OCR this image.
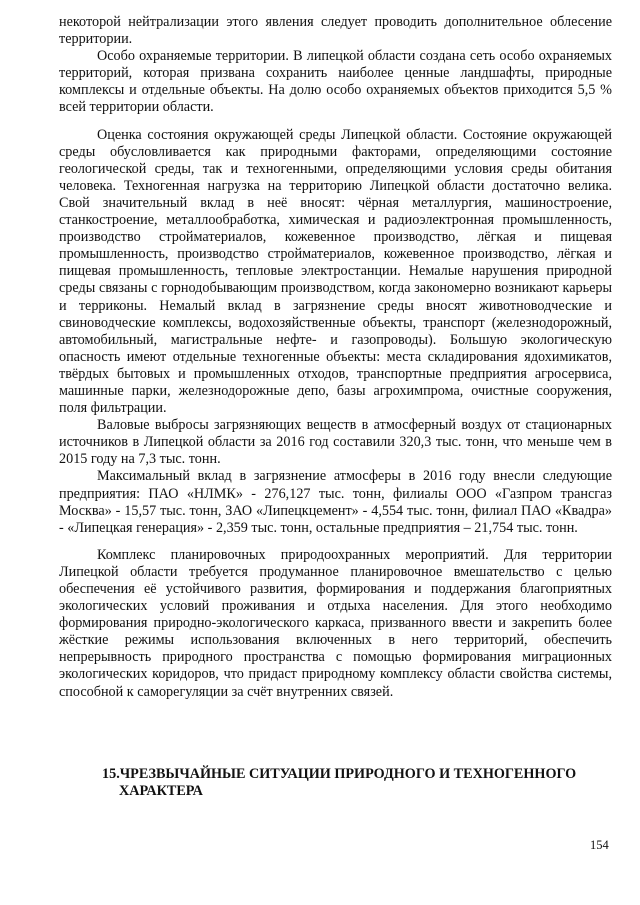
некоторой нейтрализации этого явления следует проводить дополнительное облесение территории.

Особо охраняемые территории. В липецкой области создана сеть особо охраняемых территорий, которая призвана сохранить наиболее ценные ландшафты, природные комплексы и отдельные объекты. На долю особо охраняемых объектов приходится 5,5 % всей территории области.

Оценка состояния окружающей среды Липецкой области. Состояние окружающей среды обусловливается как природными факторами, определяющими состояние геологической среды, так и техногенными, определяющими условия среды обитания человека. Техногенная нагрузка на территорию Липецкой области достаточно велика. Свой значительный вклад в неё вносят: чёрная металлургия, машиностроение, станкостроение, металлообработка, химическая и радиоэлектронная промышленность, производство стройматериалов, кожевенное производство, лёгкая и пищевая промышленность, производство стройматериалов, кожевенное производство, лёгкая и пищевая промышленность, тепловые электростанции. Немалые нарушения природной среды связаны с горнодобывающим производством, когда закономерно возникают карьеры и терриконы. Немалый вклад в загрязнение среды вносят животноводческие и свиноводческие комплексы, водохозяйственные объекты, транспорт (железнодорожный, автомобильный, магистральные нефте- и газопроводы). Большую экологическую опасность имеют отдельные техногенные объекты: места складирования ядохимикатов, твёрдых бытовых и промышленных отходов, транспортные предприятия агросервиса, машинные парки, железнодорожные депо, базы агрохимпрома, очистные сооружения, поля фильтрации.

Валовые выбросы загрязняющих веществ в атмосферный воздух от стационарных источников в Липецкой области за 2016 год составили 320,3 тыс. тонн, что меньше чем в 2015 году на 7,3 тыс. тонн.

Максимальный вклад в загрязнение атмосферы в 2016 году внесли следующие предприятия: ПАО «НЛМК» - 276,127 тыс. тонн, филиалы ООО «Газпром трансгаз Москва» - 15,57 тыс. тонн, ЗАО «Липецкцемент» - 4,554 тыс. тонн, филиал ПАО «Квадра» - «Липецкая генерация» - 2,359 тыс. тонн, остальные предприятия – 21,754 тыс. тонн.

Комплекс планировочных природоохранных мероприятий. Для территории Липецкой области требуется продуманное планировочное вмешательство с целью обеспечения её устойчивого развития, формирования и поддержания благоприятных экологических условий проживания и отдыха населения. Для этого необходимо формирования природно-экологического каркаса, призванного ввести и закрепить более жёсткие режимы использования включенных в него территорий, обеспечить непрерывность природного пространства с помощью формирования миграционных экологических коридоров, что придаст природному комплексу области свойства системы, способной к саморегуляции за счёт внутренних связей.

15.ЧРЕЗВЫЧАЙНЫЕ СИТУАЦИИ ПРИРОДНОГО И ТЕХНОГЕННОГО
ХАРАКТЕРА
154
